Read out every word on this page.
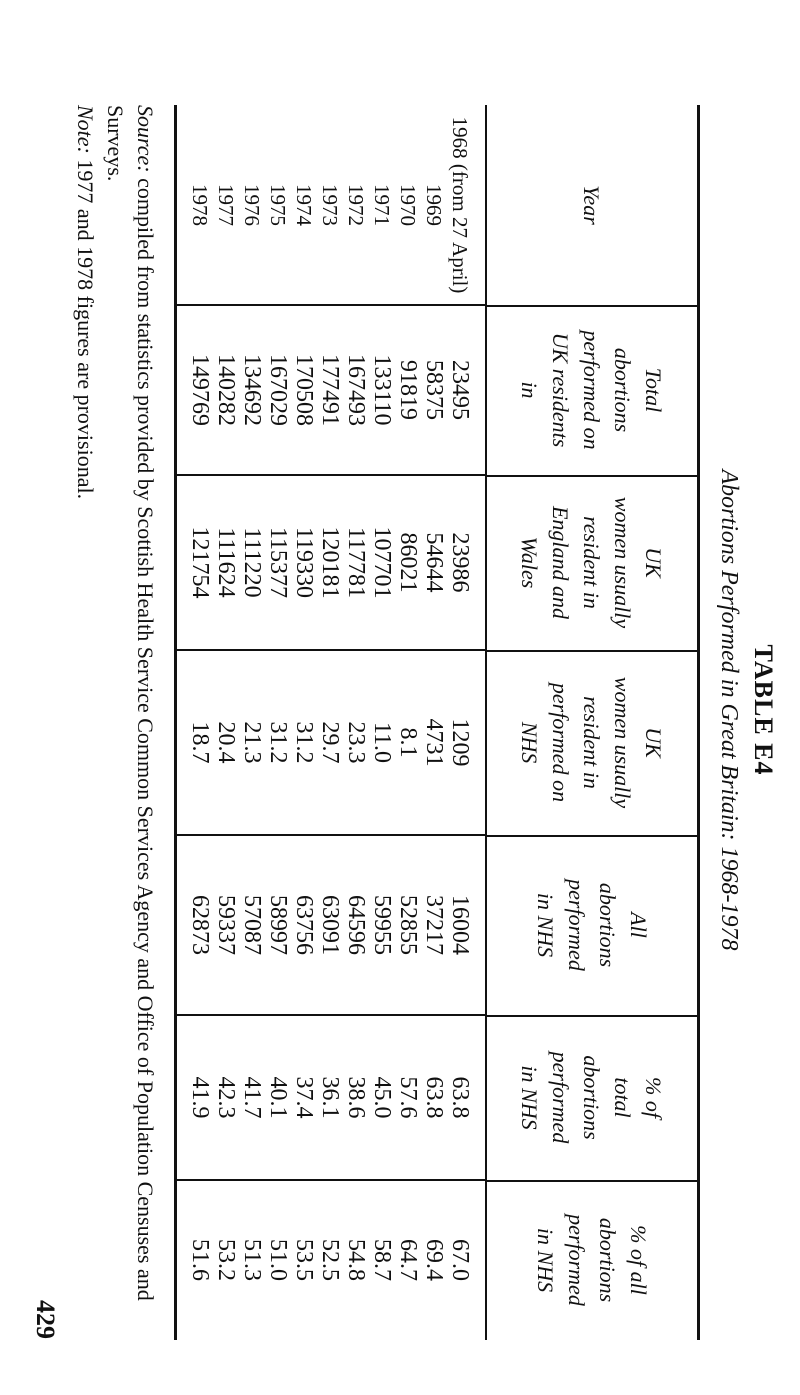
TABLE E4
Abortions Performed in Great Britain: 1968-1978
Year
Total
abortions
performed on
UK residents
in
UK
women usually
resident in
England and
Wales
UK
women usually
resident in
performed on
NHS
All
abortions
performed
in NHS
% of
total
abortions
performed
in NHS
% of all
abortions
performed
in NHS
1968 (from 27 April)
23495
23986
1209
16004
63.8
67.0
1969
58375
54644
4731
37217
63.8
69.4
1970
91819
86021
8.1
52855
57.6
64.7
1971
133110
107701
11.0
59955
45.0
58.7
1972
167493
117781
23.3
64596
38.6
54.8
1973
177491
120181
29.7
63091
36.1
52.5
1974
170508
119330
31.2
63756
37.4
53.5
1975
167029
115377
31.2
58997
40.1
51.0
1976
134692
111220
21.3
57087
41.7
51.3
1977
140282
111624
20.4
59337
42.3
53.2
1978
149769
121754
18.7
62873
41.9
51.6
Source: compiled from statistics provided by Scottish Health Service Common Services Agency and Office of Population Censuses and Surveys.
Note: 1977 and 1978 figures are provisional.
429
